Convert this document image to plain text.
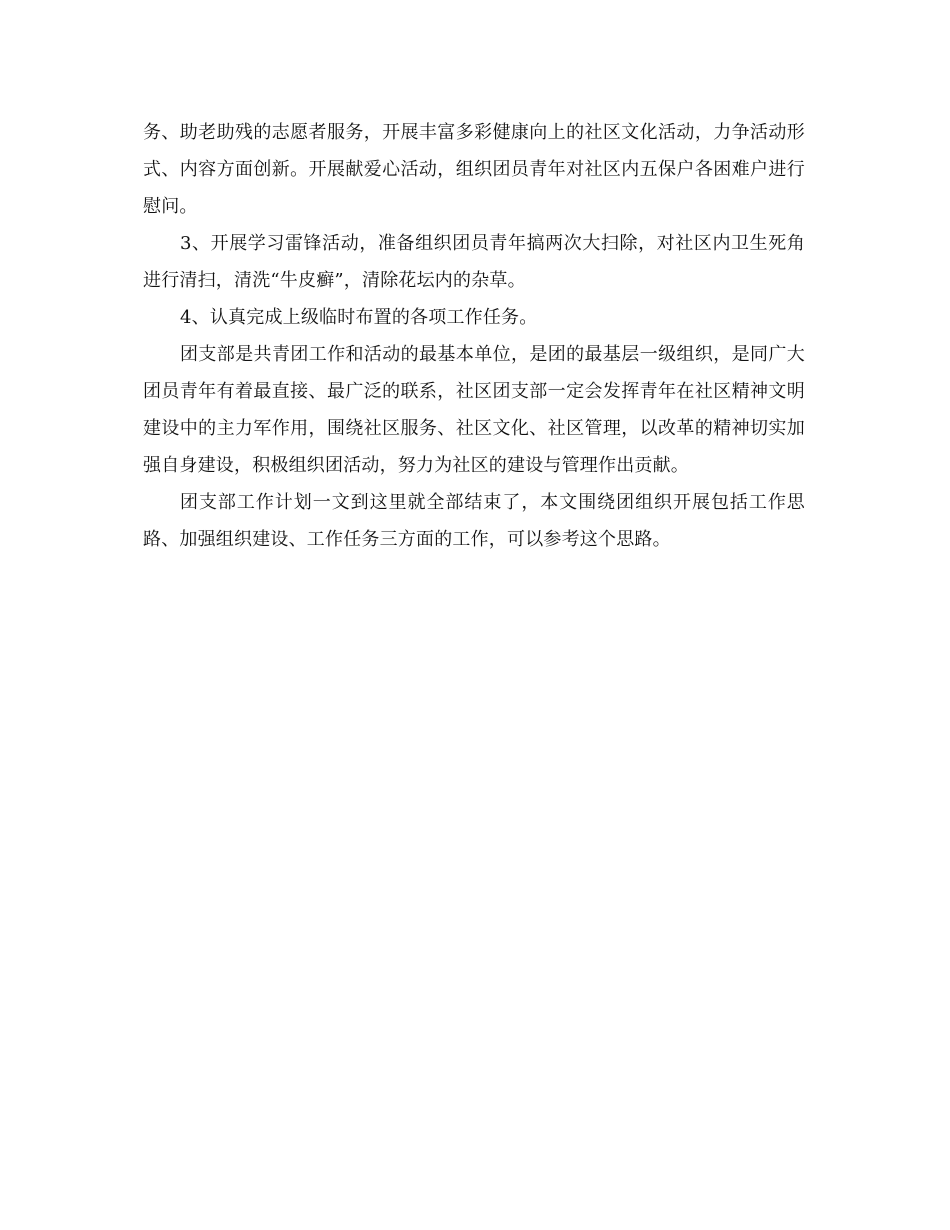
务、助老助残的志愿者服务，开展丰富多彩健康向上的社区文化活动，力争活动形式、内容方面创新。开展献爱心活动，组织团员青年对社区内五保户各困难户进行慰问。

3、开展学习雷锋活动，准备组织团员青年搞两次大扫除，对社区内卫生死角进行清扫，清洗“牛皮癣”，清除花坛内的杂草。

4、认真完成上级临时布置的各项工作任务。

团支部是共青团工作和活动的最基本单位，是团的最基层一级组织，是同广大团员青年有着最直接、最广泛的联系，社区团支部一定会发挥青年在社区精神文明建设中的主力军作用，围绕社区服务、社区文化、社区管理，以改革的精神切实加强自身建设，积极组织团活动，努力为社区的建设与管理作出贡献。

团支部工作计划一文到这里就全部结束了，本文围绕团组织开展包括工作思路、加强组织建设、工作任务三方面的工作，可以参考这个思路。
